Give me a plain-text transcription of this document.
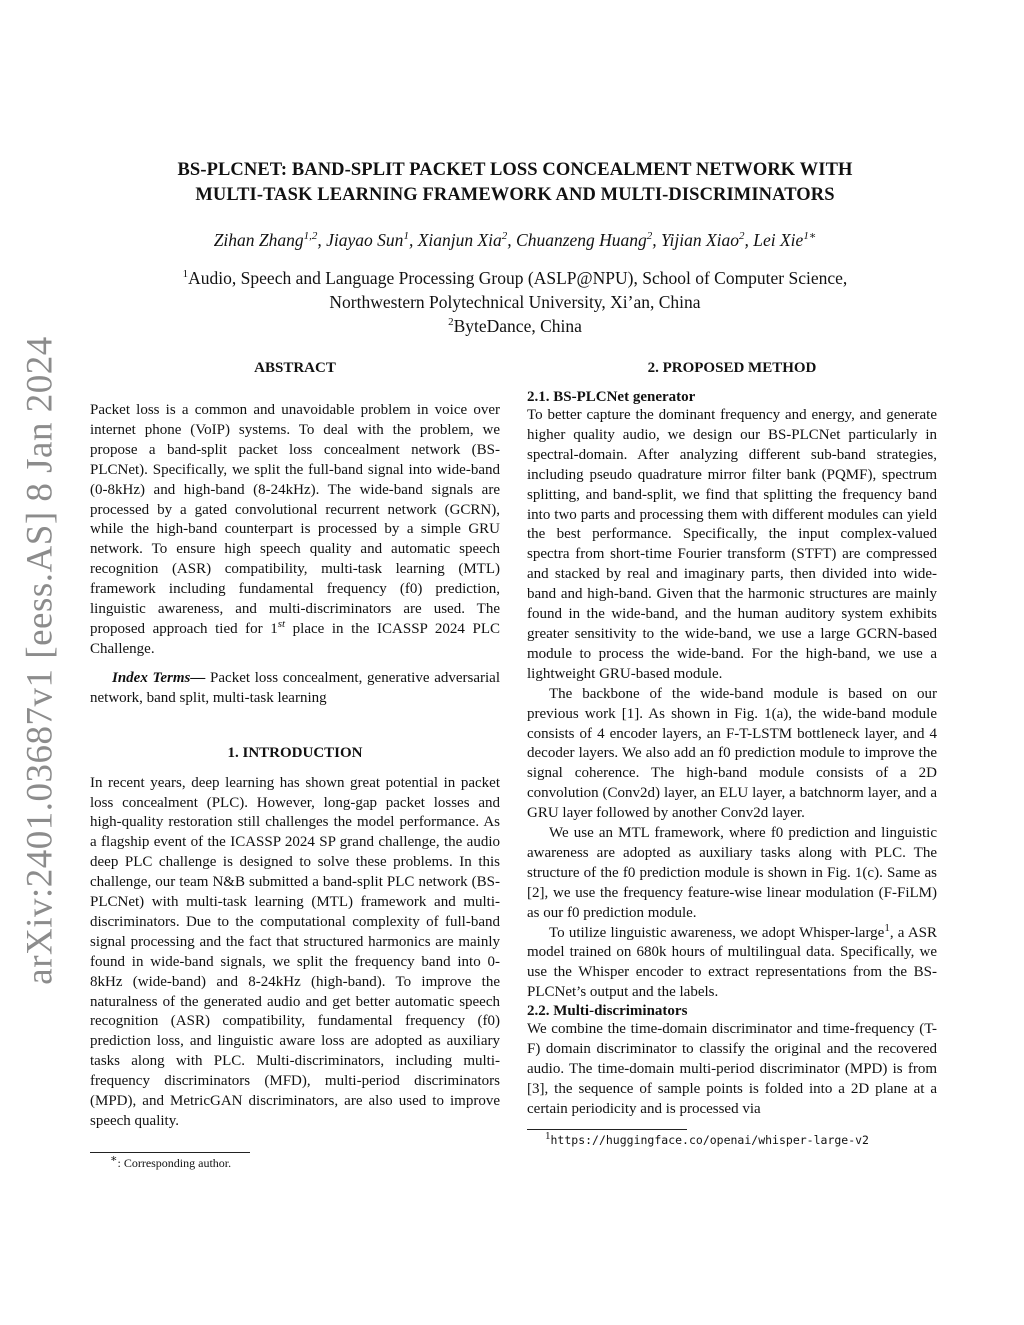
arXiv:2401.03687v1 [eess.AS] 8 Jan 2024
BS-PLCNET: BAND-SPLIT PACKET LOSS CONCEALMENT NETWORK WITH
MULTI-TASK LEARNING FRAMEWORK AND MULTI-DISCRIMINATORS
Zihan Zhang$^{1,2}$, Jiayao Sun$^1$, Xianjun Xia$^2$, Chuanzeng Huang$^2$, Yijian Xiao$^2$, Lei Xie$^{1∗}$
$^1$Audio, Speech and Language Processing Group (ASLP@NPU), School of Computer Science,
Northwestern Polytechnical University, Xi’an, China
$^2$ByteDance, China
ABSTRACT

Packet loss is a common and unavoidable problem in voice over internet phone (VoIP) systems. To deal with the problem, we propose a band-split packet loss concealment network (BS-PLCNet). Specifically, we split the full-band signal into wide-band (0-8kHz) and high-band (8-24kHz). The wide-band signals are processed by a gated convolutional recurrent network (GCRN), while the high-band counterpart is processed by a simple GRU network. To ensure high speech quality and automatic speech recognition (ASR) compatibility, multi-task learning (MTL) framework including fundamental frequency (f0) prediction, linguistic awareness, and multi-discriminators are used. The proposed approach tied for 1st place in the ICASSP 2024 PLC Challenge.

Index Terms— Packet loss concealment, generative adversarial network, band split, multi-task learning

1. INTRODUCTION

In recent years, deep learning has shown great potential in packet loss concealment (PLC). However, long-gap packet losses and high-quality restoration still challenges the model performance. As a flagship event of the ICASSP 2024 SP grand challenge, the audio deep PLC challenge is designed to solve these problems. In this challenge, our team N&B submitted a band-split PLC network (BS-PLCNet) with multi-task learning (MTL) framework and multi-discriminators. Due to the computational complexity of full-band signal processing and the fact that structured harmonics are mainly found in wide-band signals, we split the frequency band into 0-8kHz (wide-band) and 8-24kHz (high-band). To improve the naturalness of the generated audio and get better automatic speech recognition (ASR) compatibility, fundamental frequency (f0) prediction loss, and linguistic aware loss are adopted as auxiliary tasks along with PLC. Multi-discriminators, including multi-frequency discriminators (MFD), multi-period discriminators (MPD), and MetricGAN discriminators, are also used to improve speech quality.

∗: Corresponding author.
2. PROPOSED METHOD
2.1. BS-PLCNet generator

To better capture the dominant frequency and energy, and generate higher quality audio, we design our BS-PLCNet particularly in spectral-domain. After analyzing different sub-band strategies, including pseudo quadrature mirror filter bank (PQMF), spectrum splitting, and band-split, we find that splitting the frequency band into two parts and processing them with different modules can yield the best performance. Specifically, the input complex-valued spectra from short-time Fourier transform (STFT) are compressed and stacked by real and imaginary parts, then divided into wide-band and high-band. Given that the harmonic structures are mainly found in the wide-band, and the human auditory system exhibits greater sensitivity to the wide-band, we use a large GCRN-based module to process the wide-band. For the high-band, we use a lightweight GRU-based module.

The backbone of the wide-band module is based on our previous work [1]. As shown in Fig. 1(a), the wide-band module consists of 4 encoder layers, an F-T-LSTM bottleneck layer, and 4 decoder layers. We also add an f0 prediction module to improve the signal coherence. The high-band module consists of a 2D convolution (Conv2d) layer, an ELU layer, a batchnorm layer, and a GRU layer followed by another Conv2d layer.

We use an MTL framework, where f0 prediction and linguistic awareness are adopted as auxiliary tasks along with PLC. The structure of the f0 prediction module is shown in Fig. 1(c). Same as [2], we use the frequency feature-wise linear modulation (F-FiLM) as our f0 prediction module.

To utilize linguistic awareness, we adopt Whisper-large$^1$, a ASR model trained on 680k hours of multilingual data. Specifically, we use the Whisper encoder to extract representations from the BS-PLCNet’s output and the labels.

2.2. Multi-discriminators

We combine the time-domain discriminator and time-frequency (T-F) domain discriminator to classify the original and the recovered audio. The time-domain multi-period discriminator (MPD) is from [3], the sequence of sample points is folded into a 2D plane at a certain periodicity and is processed via

$^1$https://huggingface.co/openai/whisper-large-v2
